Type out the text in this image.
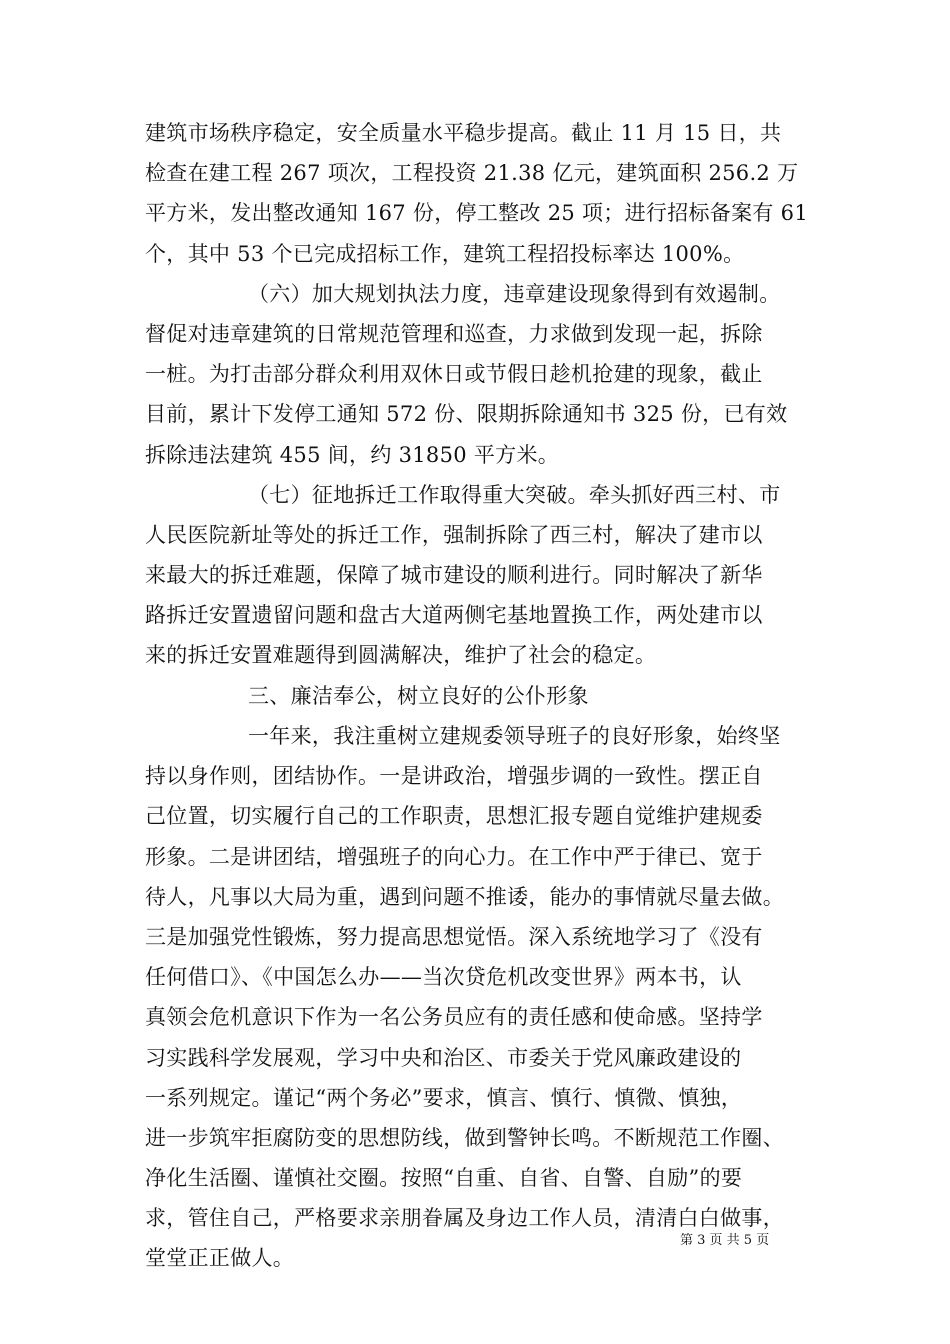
建筑市场秩序稳定，安全质量水平稳步提高。截止 11 月 15 日，共
检查在建工程 267 项次，工程投资 21.38 亿元，建筑面积 256.2 万
平方米，发出整改通知 167 份，停工整改 25 项；进行招标备案有 61
个，其中 53 个已完成招标工作，建筑工程招投标率达 100%。
（六）加大规划执法力度，违章建设现象得到有效遏制。
督促对违章建筑的日常规范管理和巡查，力求做到发现一起，拆除
一桩。为打击部分群众利用双休日或节假日趁机抢建的现象，截止
目前，累计下发停工通知 572 份、限期拆除通知书 325 份，已有效
拆除违法建筑 455 间，约 31850 平方米。
（七）征地拆迁工作取得重大突破。牵头抓好西三村、市
人民医院新址等处的拆迁工作，强制拆除了西三村，解决了建市以
来最大的拆迁难题，保障了城市建设的顺利进行。同时解决了新华
路拆迁安置遗留问题和盘古大道两侧宅基地置换工作，两处建市以
来的拆迁安置难题得到圆满解决，维护了社会的稳定。
三、廉洁奉公，树立良好的公仆形象
一年来，我注重树立建规委领导班子的良好形象，始终坚
持以身作则，团结协作。一是讲政治，增强步调的一致性。摆正自
己位置，切实履行自己的工作职责，思想汇报专题自觉维护建规委
形象。二是讲团结，增强班子的向心力。在工作中严于律已、宽于
待人，凡事以大局为重，遇到问题不推诿，能办的事情就尽量去做。
三是加强党性锻炼，努力提高思想觉悟。深入系统地学习了《没有
任何借口》、《中国怎么办——当次贷危机改变世界》两本书，认
真领会危机意识下作为一名公务员应有的责任感和使命感。坚持学
习实践科学发展观，学习中央和治区、市委关于党风廉政建设的
一系列规定。谨记“两个务必”要求，慎言、慎行、慎微、慎独，
进一步筑牢拒腐防变的思想防线，做到警钟长鸣。不断规范工作圈、
净化生活圈、谨慎社交圈。按照“自重、自省、自警、自励”的要
求，管住自己，严格要求亲朋眷属及身边工作人员，清清白白做事，
堂堂正正做人。
第 3 页 共 5 页
